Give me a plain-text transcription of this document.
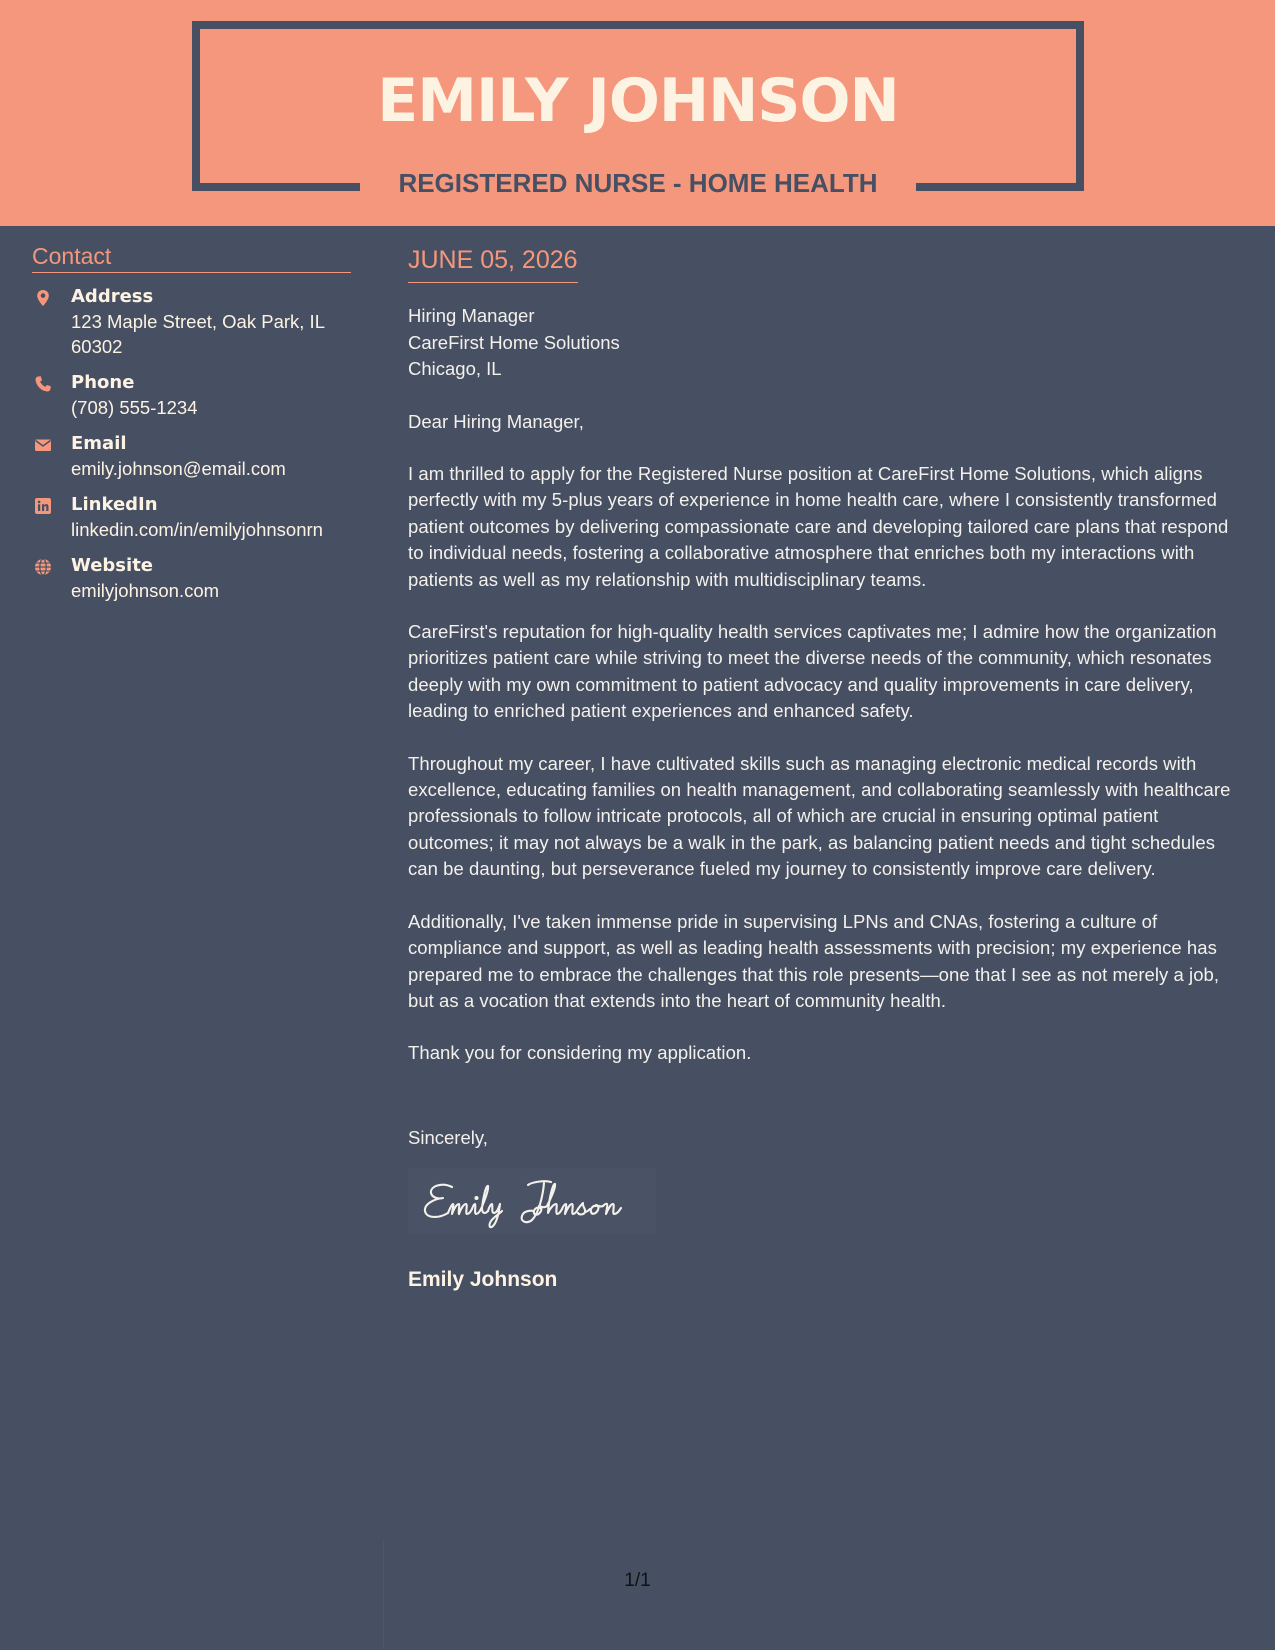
EMILY JOHNSON
REGISTERED NURSE - HOME HEALTH
Contact
Address
123 Maple Street, Oak Park, IL 60302
Phone
(708) 555-1234
Email
emily.johnson@email.com
LinkedIn
linkedin.com/in/emilyjohnsonrn
Website
emilyjohnson.com
JUNE 05, 2026
Hiring Manager
CareFirst Home Solutions
Chicago, IL
Dear Hiring Manager,
I am thrilled to apply for the Registered Nurse position at CareFirst Home Solutions, which aligns perfectly with my 5-plus years of experience in home health care, where I consistently transformed patient outcomes by delivering compassionate care and developing tailored care plans that respond to individual needs, fostering a collaborative atmosphere that enriches both my interactions with patients as well as my relationship with multidisciplinary teams.
CareFirst's reputation for high-quality health services captivates me; I admire how the organization prioritizes patient care while striving to meet the diverse needs of the community, which resonates deeply with my own commitment to patient advocacy and quality improvements in care delivery, leading to enriched patient experiences and enhanced safety.
Throughout my career, I have cultivated skills such as managing electronic medical records with excellence, educating families on health management, and collaborating seamlessly with healthcare professionals to follow intricate protocols, all of which are crucial in ensuring optimal patient outcomes; it may not always be a walk in the park, as balancing patient needs and tight schedules can be daunting, but perseverance fueled my journey to consistently improve care delivery.
Additionally, I've taken immense pride in supervising LPNs and CNAs, fostering a culture of compliance and support, as well as leading health assessments with precision; my experience has prepared me to embrace the challenges that this role presents—one that I see as not merely a job, but as a vocation that extends into the heart of community health.
Thank you for considering my application.
Sincerely,
Emily Johnson
1/1
